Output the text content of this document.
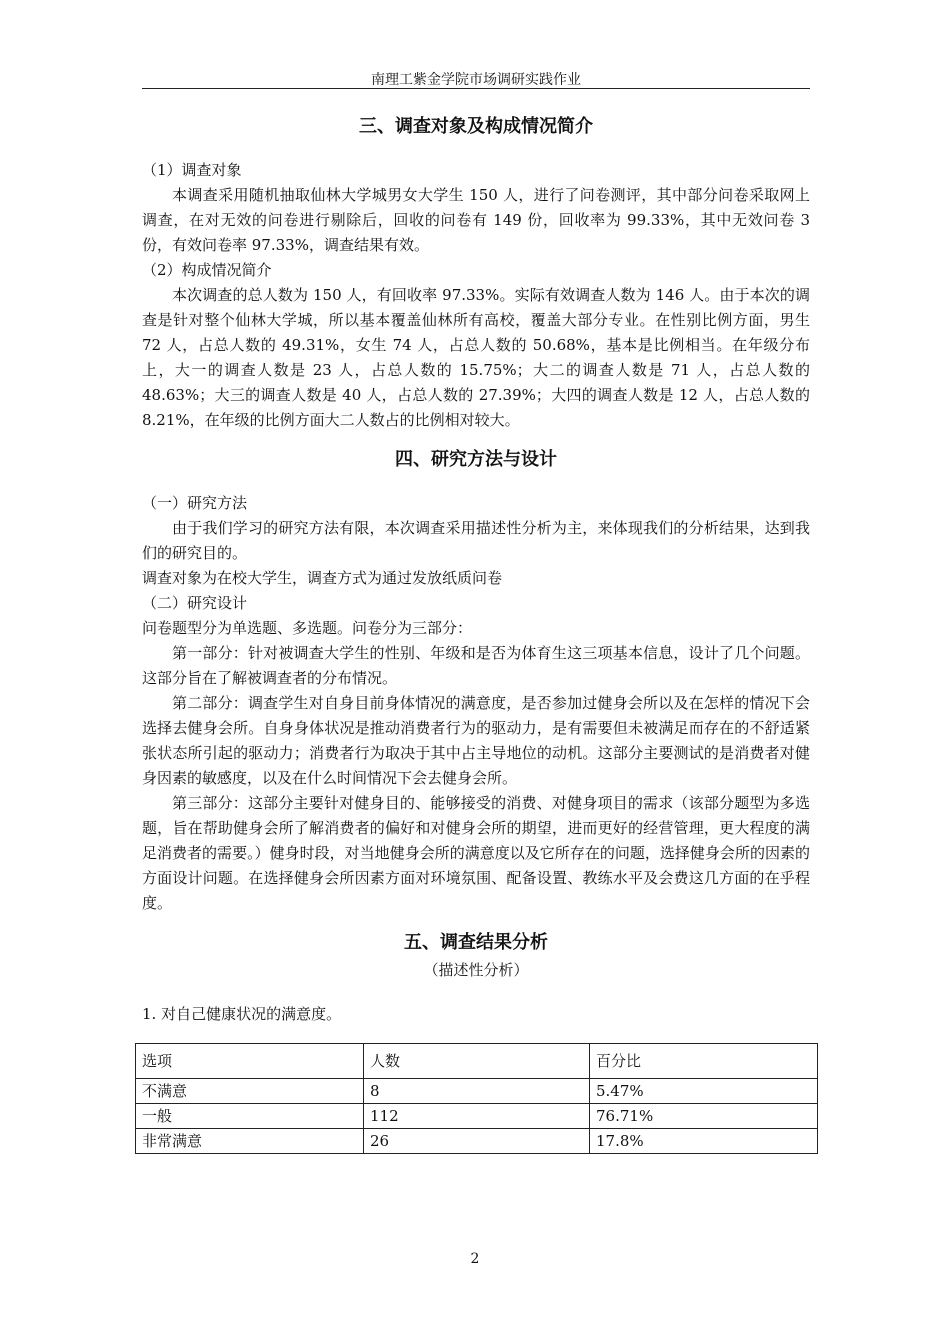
南理工紫金学院市场调研实践作业
三、调查对象及构成情况简介

（1）调查对象

本调查采用随机抽取仙林大学城男女大学生 150 人，进行了问卷测评，其中部分问卷采取网上调查，在对无效的问卷进行剔除后，回收的问卷有 149 份，回收率为 99.33%，其中无效问卷 3 份，有效问卷率 97.33%，调查结果有效。

（2）构成情况简介

本次调查的总人数为 150 人，有回收率 97.33%。实际有效调查人数为 146 人。由于本次的调查是针对整个仙林大学城，所以基本覆盖仙林所有高校，覆盖大部分专业。在性别比例方面，男生 72 人，占总人数的 49.31%，女生 74 人，占总人数的 50.68%，基本是比例相当。在年级分布上，大一的调查人数是 23 人，占总人数的 15.75%；大二的调查人数是 71 人，占总人数的 48.63%；大三的调查人数是 40 人，占总人数的 27.39%；大四的调查人数是 12 人，占总人数的 8.21%，在年级的比例方面大二人数占的比例相对较大。

四、研究方法与设计

（一）研究方法

由于我们学习的研究方法有限，本次调查采用描述性分析为主，来体现我们的分析结果，达到我们的研究目的。

调查对象为在校大学生，调查方式为通过发放纸质问卷

（二）研究设计

问卷题型分为单选题、多选题。问卷分为三部分：

第一部分：针对被调查大学生的性别、年级和是否为体育生这三项基本信息，设计了几个问题。这部分旨在了解被调查者的分布情况。

第二部分：调查学生对自身目前身体情况的满意度，是否参加过健身会所以及在怎样的情况下会选择去健身会所。自身身体状况是推动消费者行为的驱动力，是有需要但未被满足而存在的不舒适紧张状态所引起的驱动力；消费者行为取决于其中占主导地位的动机。这部分主要测试的是消费者对健身因素的敏感度，以及在什么时间情况下会去健身会所。

第三部分：这部分主要针对健身目的、能够接受的消费、对健身项目的需求（该部分题型为多选题，旨在帮助健身会所了解消费者的偏好和对健身会所的期望，进而更好的经营管理，更大程度的满足消费者的需要。）健身时段，对当地健身会所的满意度以及它所存在的问题，选择健身会所的因素的方面设计问题。在选择健身会所因素方面对环境氛围、配备设置、教练水平及会费这几方面的在乎程度。

五、调查结果分析

（描述性分析）

1. 对自己健康状况的满意度。

选项	人数	百分比
不满意	8	5.47%
一般	112	76.71%
非常满意	26	17.8%
2
